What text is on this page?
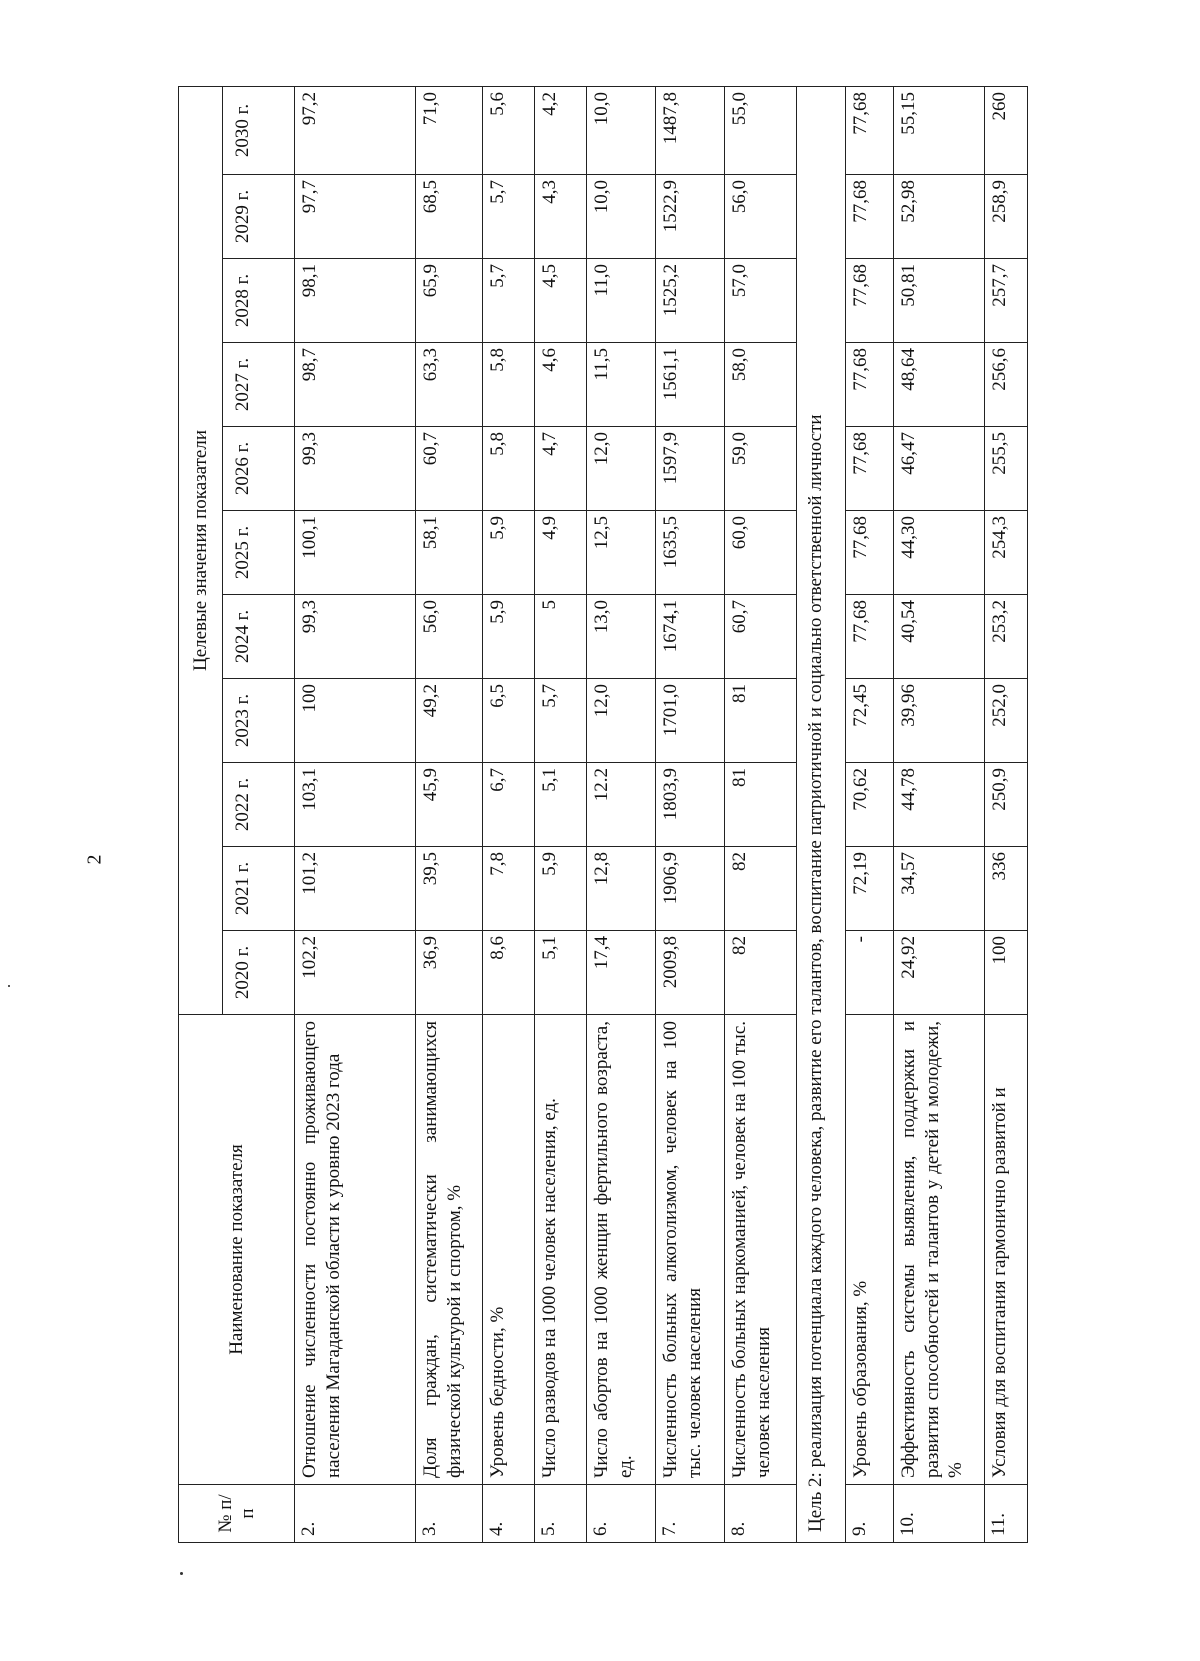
2
№ п/п	Наименование показателя	Целевые значения показатели										
		2020 г.	2021 г.	2022 г.	2023 г.	2024 г.	2025 г.	2026 г.	2027 г.	2028 г.	2029 г.	2030 г.
2.	Отношение численности постоянно проживающего населения Магаданской области к уровню 2023 года	102,2	101,2	103,1	100	99,3	100,1	99,3	98,7	98,1	97,7	97,2
3.	Доля граждан, систематически занимающихся физической культурой и спортом, %	36,9	39,5	45,9	49,2	56,0	58,1	60,7	63,3	65,9	68,5	71,0
4.	Уровень бедности, %	8,6	7,8	6,7	6,5	5,9	5,9	5,8	5,8	5,7	5,7	5,6
5.	Число разводов на 1000 человек населения, ед.	5,1	5,9	5,1	5,7	5	4,9	4,7	4,6	4,5	4,3	4,2
6.	Число абортов на 1000 женщин фертильного возраста, ед.	17,4	12,8	12.2	12,0	13,0	12,5	12,0	11,5	11,0	10,0	10,0
7.	Численность больных алкоголизмом, человек на 100 тыс. человек населения	2009,8	1906,9	1803,9	1701,0	1674,1	1635,5	1597,9	1561,1	1525,2	1522,9	1487,8
8.	Численность больных наркоманией, человек на 100 тыс. человек населения	82	82	81	81	60,7	60,0	59,0	58,0	57,0	56,0	55,0
Цель 2: реализация потенциала каждого человека, развитие его талантов, воспитание патриотичной и социально ответственной личности												
9.	Уровень образования, %	-	72,19	70,62	72,45	77,68	77,68	77,68	77,68	77,68	77,68	77,68
10.	Эффективность системы выявления, поддержки и развития способностей и талантов у детей и молодежи, %	24,92	34,57	44,78	39,96	40,54	44,30	46,47	48,64	50,81	52,98	55,15
11.	Условия для воспитания гармонично развитой и	100	336	250,9	252,0	253,2	254,3	255,5	256,6	257,7	258,9	260
